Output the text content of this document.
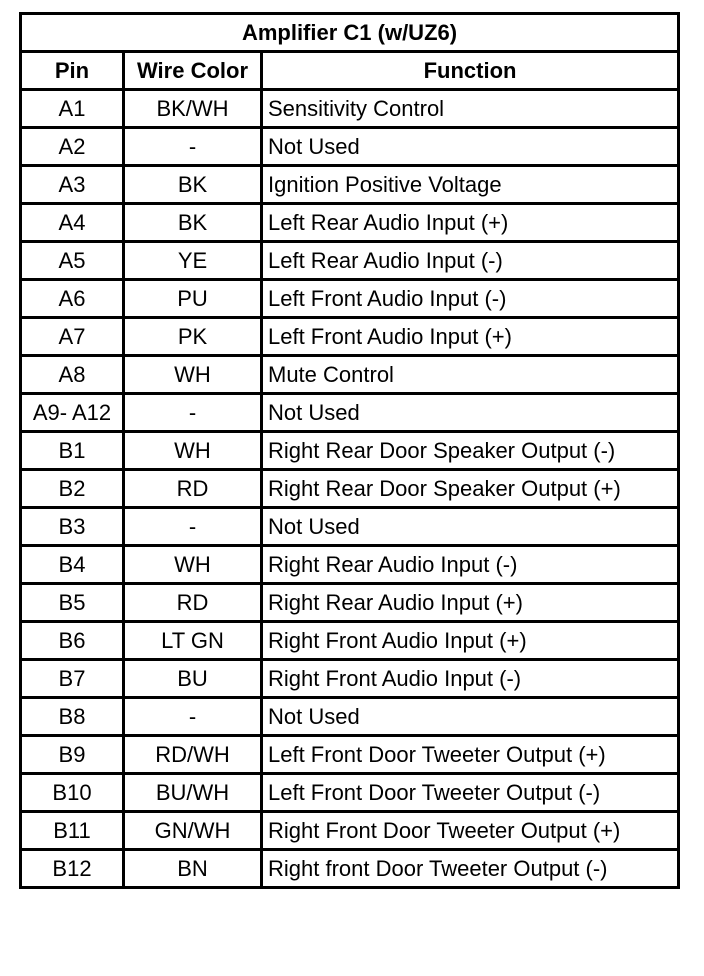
Amplifier C1 (w/UZ6)		
Pin	Wire Color	Function
A1	BK/WH	Sensitivity Control
A2	-	Not Used
A3	BK	Ignition Positive Voltage
A4	BK	Left Rear Audio Input (+)
A5	YE	Left Rear Audio Input (-)
A6	PU	Left Front Audio Input (-)
A7	PK	Left Front Audio Input (+)
A8	WH	Mute Control
A9- A12	-	Not Used
B1	WH	Right Rear Door Speaker Output (-)
B2	RD	Right Rear Door Speaker Output (+)
B3	-	Not Used
B4	WH	Right Rear Audio Input (-)
B5	RD	Right Rear Audio Input (+)
B6	LT GN	Right Front Audio Input (+)
B7	BU	Right Front Audio Input (-)
B8	-	Not Used
B9	RD/WH	Left Front Door Tweeter Output (+)
B10	BU/WH	Left Front Door Tweeter Output (-)
B11	GN/WH	Right Front Door Tweeter Output (+)
B12	BN	Right front Door Tweeter Output (-)
